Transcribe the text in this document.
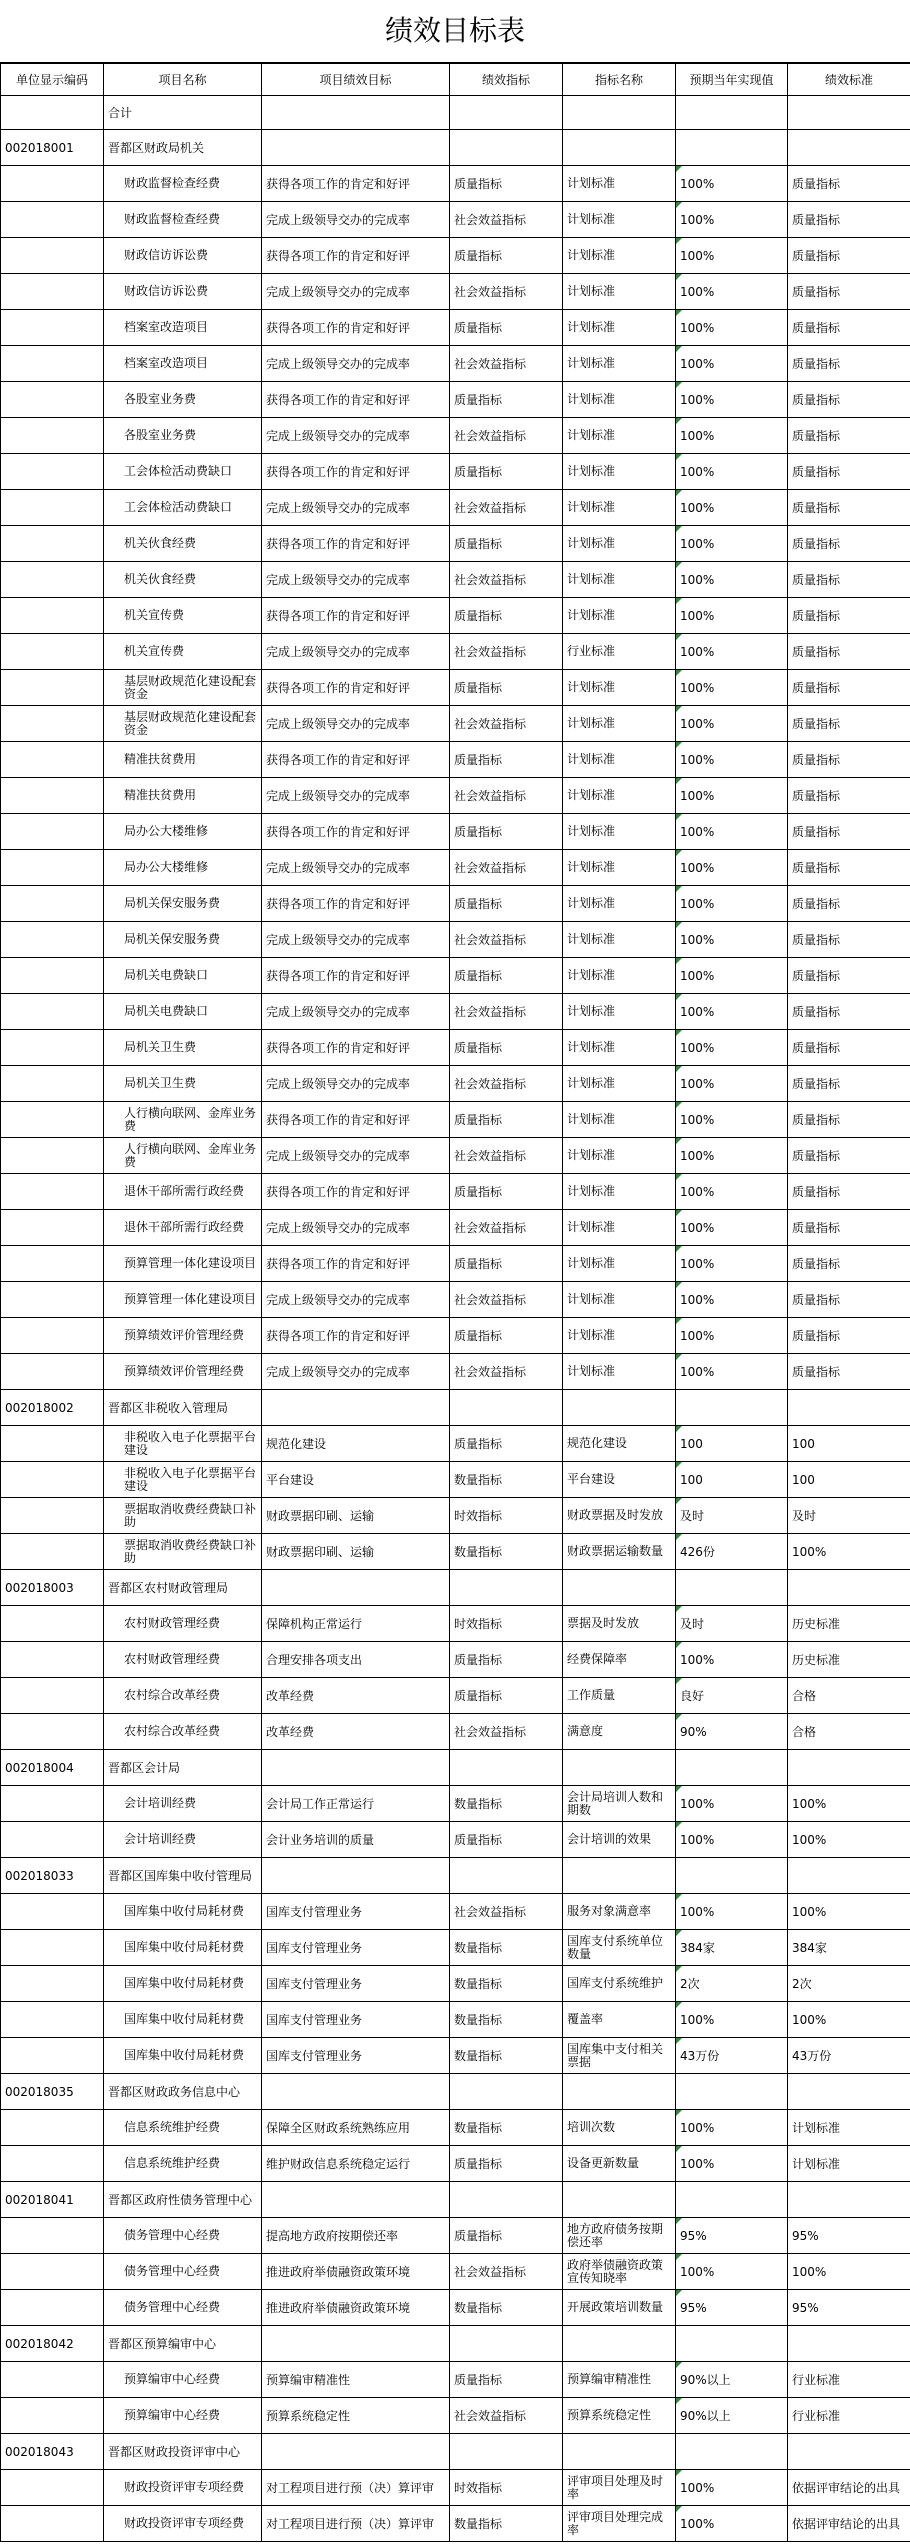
绩效目标表
单位显示编码	项目名称	项目绩效目标	绩效指标	指标名称	预期当年实现值	绩效标准
	合计					
002018001	晋都区财政局机关					
	财政监督检查经费	获得各项工作的肯定和好评	质量指标	计划标准	100%	质量指标
	财政监督检查经费	完成上级领导交办的完成率	社会效益指标	计划标准	100%	质量指标
	财政信访诉讼费	获得各项工作的肯定和好评	质量指标	计划标准	100%	质量指标
	财政信访诉讼费	完成上级领导交办的完成率	社会效益指标	计划标准	100%	质量指标
	档案室改造项目	获得各项工作的肯定和好评	质量指标	计划标准	100%	质量指标
	档案室改造项目	完成上级领导交办的完成率	社会效益指标	计划标准	100%	质量指标
	各股室业务费	获得各项工作的肯定和好评	质量指标	计划标准	100%	质量指标
	各股室业务费	完成上级领导交办的完成率	社会效益指标	计划标准	100%	质量指标
	工会体检活动费缺口	获得各项工作的肯定和好评	质量指标	计划标准	100%	质量指标
	工会体检活动费缺口	完成上级领导交办的完成率	社会效益指标	计划标准	100%	质量指标
	机关伙食经费	获得各项工作的肯定和好评	质量指标	计划标准	100%	质量指标
	机关伙食经费	完成上级领导交办的完成率	社会效益指标	计划标准	100%	质量指标
	机关宣传费	获得各项工作的肯定和好评	质量指标	计划标准	100%	质量指标
	机关宣传费	完成上级领导交办的完成率	社会效益指标	行业标准	100%	质量指标
	基层财政规范化建设配套资金	获得各项工作的肯定和好评	质量指标	计划标准	100%	质量指标
	基层财政规范化建设配套资金	完成上级领导交办的完成率	社会效益指标	计划标准	100%	质量指标
	精准扶贫费用	获得各项工作的肯定和好评	质量指标	计划标准	100%	质量指标
	精准扶贫费用	完成上级领导交办的完成率	社会效益指标	计划标准	100%	质量指标
	局办公大楼维修	获得各项工作的肯定和好评	质量指标	计划标准	100%	质量指标
	局办公大楼维修	完成上级领导交办的完成率	社会效益指标	计划标准	100%	质量指标
	局机关保安服务费	获得各项工作的肯定和好评	质量指标	计划标准	100%	质量指标
	局机关保安服务费	完成上级领导交办的完成率	社会效益指标	计划标准	100%	质量指标
	局机关电费缺口	获得各项工作的肯定和好评	质量指标	计划标准	100%	质量指标
	局机关电费缺口	完成上级领导交办的完成率	社会效益指标	计划标准	100%	质量指标
	局机关卫生费	获得各项工作的肯定和好评	质量指标	计划标准	100%	质量指标
	局机关卫生费	完成上级领导交办的完成率	社会效益指标	计划标准	100%	质量指标
	人行横向联网、金库业务费	获得各项工作的肯定和好评	质量指标	计划标准	100%	质量指标
	人行横向联网、金库业务费	完成上级领导交办的完成率	社会效益指标	计划标准	100%	质量指标
	退休干部所需行政经费	获得各项工作的肯定和好评	质量指标	计划标准	100%	质量指标
	退休干部所需行政经费	完成上级领导交办的完成率	社会效益指标	计划标准	100%	质量指标
	预算管理一体化建设项目	获得各项工作的肯定和好评	质量指标	计划标准	100%	质量指标
	预算管理一体化建设项目	完成上级领导交办的完成率	社会效益指标	计划标准	100%	质量指标
	预算绩效评价管理经费	获得各项工作的肯定和好评	质量指标	计划标准	100%	质量指标
	预算绩效评价管理经费	完成上级领导交办的完成率	社会效益指标	计划标准	100%	质量指标
002018002	晋都区非税收入管理局					
	非税收入电子化票据平台建设	规范化建设	质量指标	规范化建设	100	100
	非税收入电子化票据平台建设	平台建设	数量指标	平台建设	100	100
	票据取消收费经费缺口补助	财政票据印刷、运输	时效指标	财政票据及时发放	及时	及时
	票据取消收费经费缺口补助	财政票据印刷、运输	数量指标	财政票据运输数量	426份	100%
002018003	晋都区农村财政管理局					
	农村财政管理经费	保障机构正常运行	时效指标	票据及时发放	及时	历史标准
	农村财政管理经费	合理安排各项支出	质量指标	经费保障率	100%	历史标准
	农村综合改革经费	改革经费	质量指标	工作质量	良好	合格
	农村综合改革经费	改革经费	社会效益指标	满意度	90%	合格
002018004	晋都区会计局					
	会计培训经费	会计局工作正常运行	数量指标	会计局培训人数和期数	100%	100%
	会计培训经费	会计业务培训的质量	质量指标	会计培训的效果	100%	100%
002018033	晋都区国库集中收付管理局					
	国库集中收付局耗材费	国库支付管理业务	社会效益指标	服务对象满意率	100%	100%
	国库集中收付局耗材费	国库支付管理业务	数量指标	国库支付系统单位数量	384家	384家
	国库集中收付局耗材费	国库支付管理业务	数量指标	国库支付系统维护	2次	2次
	国库集中收付局耗材费	国库支付管理业务	数量指标	覆盖率	100%	100%
	国库集中收付局耗材费	国库支付管理业务	数量指标	国库集中支付相关票据	43万份	43万份
002018035	晋都区财政政务信息中心					
	信息系统维护经费	保障全区财政系统熟练应用	数量指标	培训次数	100%	计划标准
	信息系统维护经费	维护财政信息系统稳定运行	质量指标	设备更新数量	100%	计划标准
002018041	晋都区政府性债务管理中心					
	债务管理中心经费	提高地方政府按期偿还率	质量指标	地方政府债务按期偿还率	95%	95%
	债务管理中心经费	推进政府举债融资政策环境	社会效益指标	政府举债融资政策宣传知晓率	100%	100%
	债务管理中心经费	推进政府举债融资政策环境	数量指标	开展政策培训数量	95%	95%
002018042	晋都区预算编审中心					
	预算编审中心经费	预算编审精准性	质量指标	预算编审精准性	90%以上	行业标准
	预算编审中心经费	预算系统稳定性	社会效益指标	预算系统稳定性	90%以上	行业标准
002018043	晋都区财政投资评审中心					
	财政投资评审专项经费	对工程项目进行预（决）算评审	时效指标	评审项目处理及时率	100%	依据评审结论的出具
	财政投资评审专项经费	对工程项目进行预（决）算评审	数量指标	评审项目处理完成率	100%	依据评审结论的出具
